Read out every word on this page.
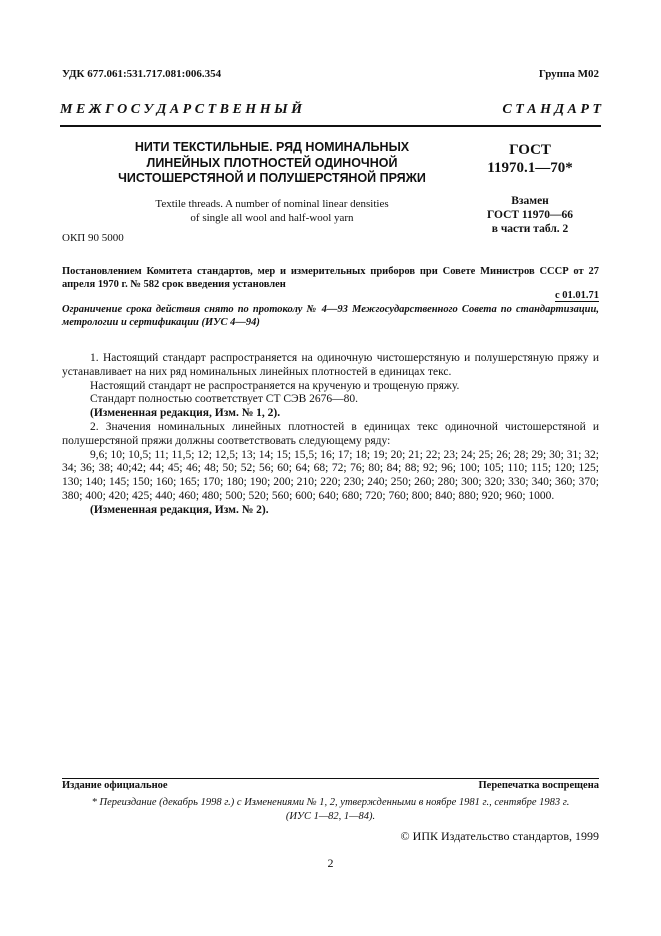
УДК 677.061:531.717.081:006.354	Группа М02
М Е Ж Г О С У Д А Р С Т В Е Н Н Ы Й	С Т А Н Д А Р Т
НИТИ ТЕКСТИЛЬНЫЕ. РЯД НОМИНАЛЬНЫХ
ЛИНЕЙНЫХ ПЛОТНОСТЕЙ ОДИНОЧНОЙ
ЧИСТОШЕРСТЯНОЙ И ПОЛУШЕРСТЯНОЙ ПРЯЖИ
ГОСТ
11970.1—70*
Textile threads. A number of nominal linear densities
of single all wool and half-wool yarn
Взамен
ГОСТ 11970—66
в части табл. 2
ОКП 90 5000
Постановлением Комитета стандартов, мер и измерительных приборов при Совете Министров СССР от 27 апреля 1970 г. № 582 срок введения установлен
с 01.01.71
Ограничение срока действия снято по протоколу № 4—93 Межгосударственного Совета по стандартизации, метрологии и сертификации (ИУС 4—94)

1. Настоящий стандарт распространяется на одиночную чистошерстяную и полушерстяную пряжу и устанавливает на них ряд номинальных линейных плотностей в единицах текс.

Настоящий стандарт не распространяется на крученую и трощеную пряжу.

Стандарт полностью соответствует СТ СЭВ 2676—80.

(Измененная редакция, Изм. № 1, 2).

2. Значения номинальных линейных плотностей в единицах текс одиночной чистошерстяной и полушерстяной пряжи должны соответствовать следующему ряду:

9,6; 10; 10,5; 11; 11,5; 12; 12,5; 13; 14; 15; 15,5; 16; 17; 18; 19; 20; 21; 22; 23; 24; 25; 26; 28; 29; 30; 31; 32; 34; 36; 38; 40;42; 44; 45; 46; 48; 50; 52; 56; 60; 64; 68; 72; 76; 80; 84; 88; 92; 96; 100; 105; 110; 115; 120; 125; 130; 140; 145; 150; 160; 165; 170; 180; 190; 200; 210; 220; 230; 240; 250; 260; 280; 300; 320; 330; 340; 360; 370; 380; 400; 420; 425; 440; 460; 480; 500; 520; 560; 600; 640; 680; 720; 760; 800; 840; 880; 920; 960; 1000.

(Измененная редакция, Изм. № 2).

Издание официальное	Перепечатка воспрещена
* Переиздание (декабрь 1998 г.) с Изменениями № 1, 2, утвержденными в ноябре 1981 г., сентябре 1983 г.
(ИУС 1—82, 1—84).
© ИПК Издательство стандартов, 1999
2
